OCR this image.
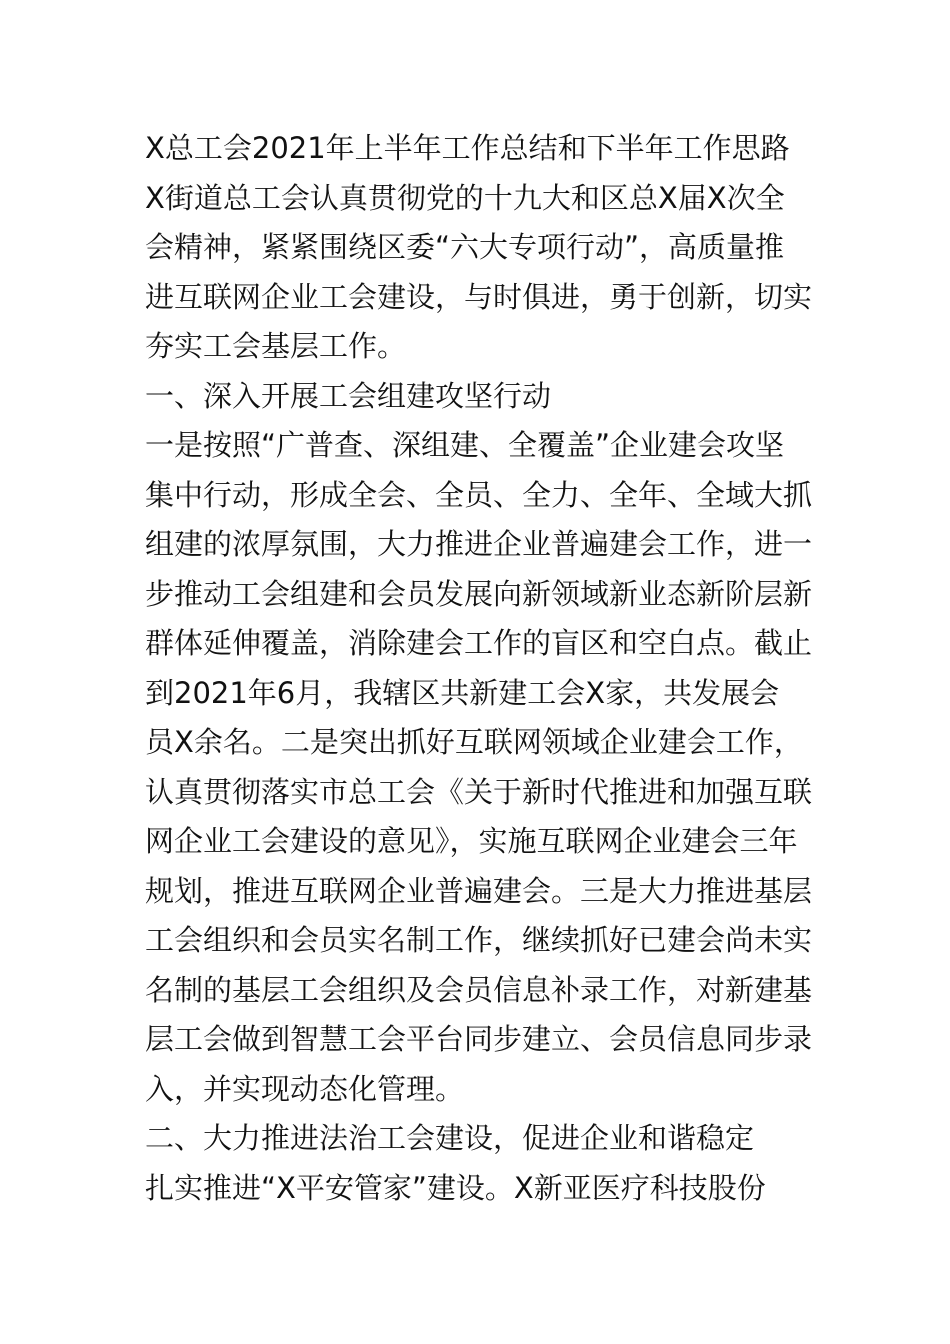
X总工会2021年上半年工作总结和下半年工作思路
X街道总工会认真贯彻党的十九大和区总X届X次全
会精神，紧紧围绕区委“六大专项行动”，高质量推
进互联网企业工会建设，与时俱进，勇于创新，切实
夯实工会基层工作。
一、深入开展工会组建攻坚行动
一是按照“广普查、深组建、全覆盖”企业建会攻坚
集中行动，形成全会、全员、全力、全年、全域大抓
组建的浓厚氛围，大力推进企业普遍建会工作，进一
步推动工会组建和会员发展向新领域新业态新阶层新
群体延伸覆盖，消除建会工作的盲区和空白点。截止
到2021年6月，我辖区共新建工会X家，共发展会
员X余名。二是突出抓好互联网领域企业建会工作，
认真贯彻落实市总工会《关于新时代推进和加强互联
网企业工会建设的意见》，实施互联网企业建会三年
规划，推进互联网企业普遍建会。三是大力推进基层
工会组织和会员实名制工作，继续抓好已建会尚未实
名制的基层工会组织及会员信息补录工作，对新建基
层工会做到智慧工会平台同步建立、会员信息同步录
入，并实现动态化管理。
二、大力推进法治工会建设，促进企业和谐稳定
扎实推进“X平安管家”建设。X新亚医疗科技股份
